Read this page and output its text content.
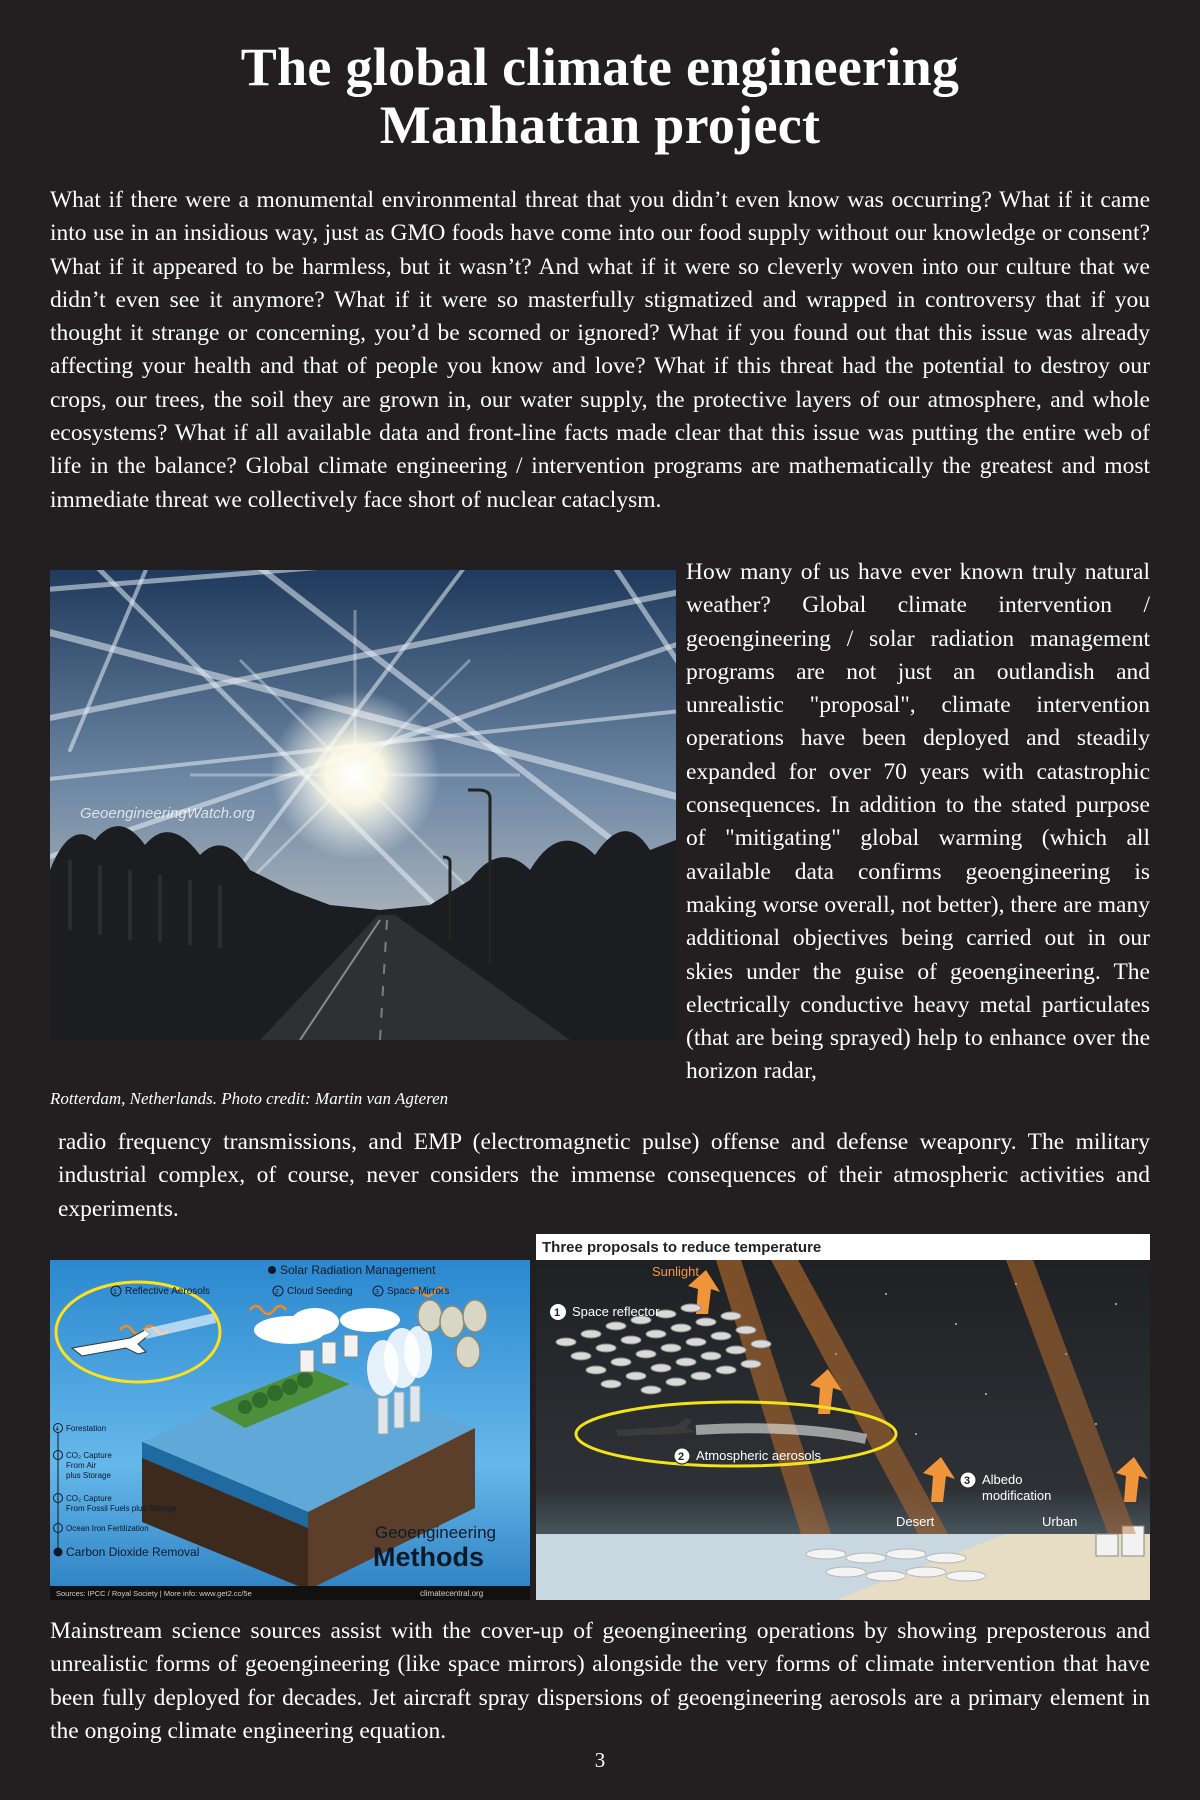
The global climate engineering
Manhattan project

What if there were a monumental environmental threat that you didn’t even know was occurring? What if it came into use in an insidious way, just as GMO foods have come into our food supply without our knowledge or consent? What if it appeared to be harmless, but it wasn’t? And what if it were so cleverly woven into our culture that we didn’t even see it anymore? What if it were so masterfully stigmatized and wrapped in controversy that if you thought it strange or concerning, you’d be scorned or ignored? What if you found out that this issue was already affecting your health and that of people you know and love? What if this threat had the potential to destroy our crops, our trees, the soil they are grown in, our water supply, the protective layers of our atmosphere, and whole ecosystems? What if all available data and front-line facts made clear that this issue was putting the entire web of life in the balance? Global climate engineering / intervention programs are mathematically the greatest and most immediate threat we collectively face short of nuclear cataclysm.

GeoengineeringWatch.org
Rotterdam, Netherlands. Photo credit: Martin van Agteren

How many of us have ever known truly natural weather? Global climate intervention / geoengineering / solar radiation management programs are not just an outlandish and unrealistic "proposal", climate intervention operations have been deployed and steadily expanded for over 70 years with catastrophic consequences. In addition to the stated purpose of "mitigating" global warming (which all available data confirms geoengineering is making worse overall, not better), there are many additional objectives being carried out in our skies under the guise of geoengineering. The electrically conductive heavy metal particulates (that are being sprayed) help to enhance over the horizon radar,

radio frequency transmissions, and EMP (electromagnetic pulse) offense and defense weaponry. The military industrial complex, of course, never considers the immense consequences of their atmospheric activities and experiments.

1 Reflective Aerosols	2 Cloud Seeding	3 Space Mirrors
Solar Radiation Management
4 Forestation
CO₂ Capture
From Air
plus Storage
CO₂ Capture
From Fossil Fuels plus Storage
Ocean Iron Fertilization
Carbon Dioxide Removal
Geoengineering
Methods
Sources: IPCC / Royal Society | More info: www.get2.cc/5e	climatecentral.org
Three proposals to reduce temperature
Sunlight
1 Space reflector
2 Atmospheric aerosols
3 Albedo
modification
Desert	Urban

Mainstream science sources assist with the cover-up of geoengineering operations by showing preposterous and unrealistic forms of geoengineering (like space mirrors) alongside the very forms of climate intervention that have been fully deployed for decades. Jet aircraft spray dispersions of geoengineering aerosols are a primary element in the ongoing climate engineering equation.

3
